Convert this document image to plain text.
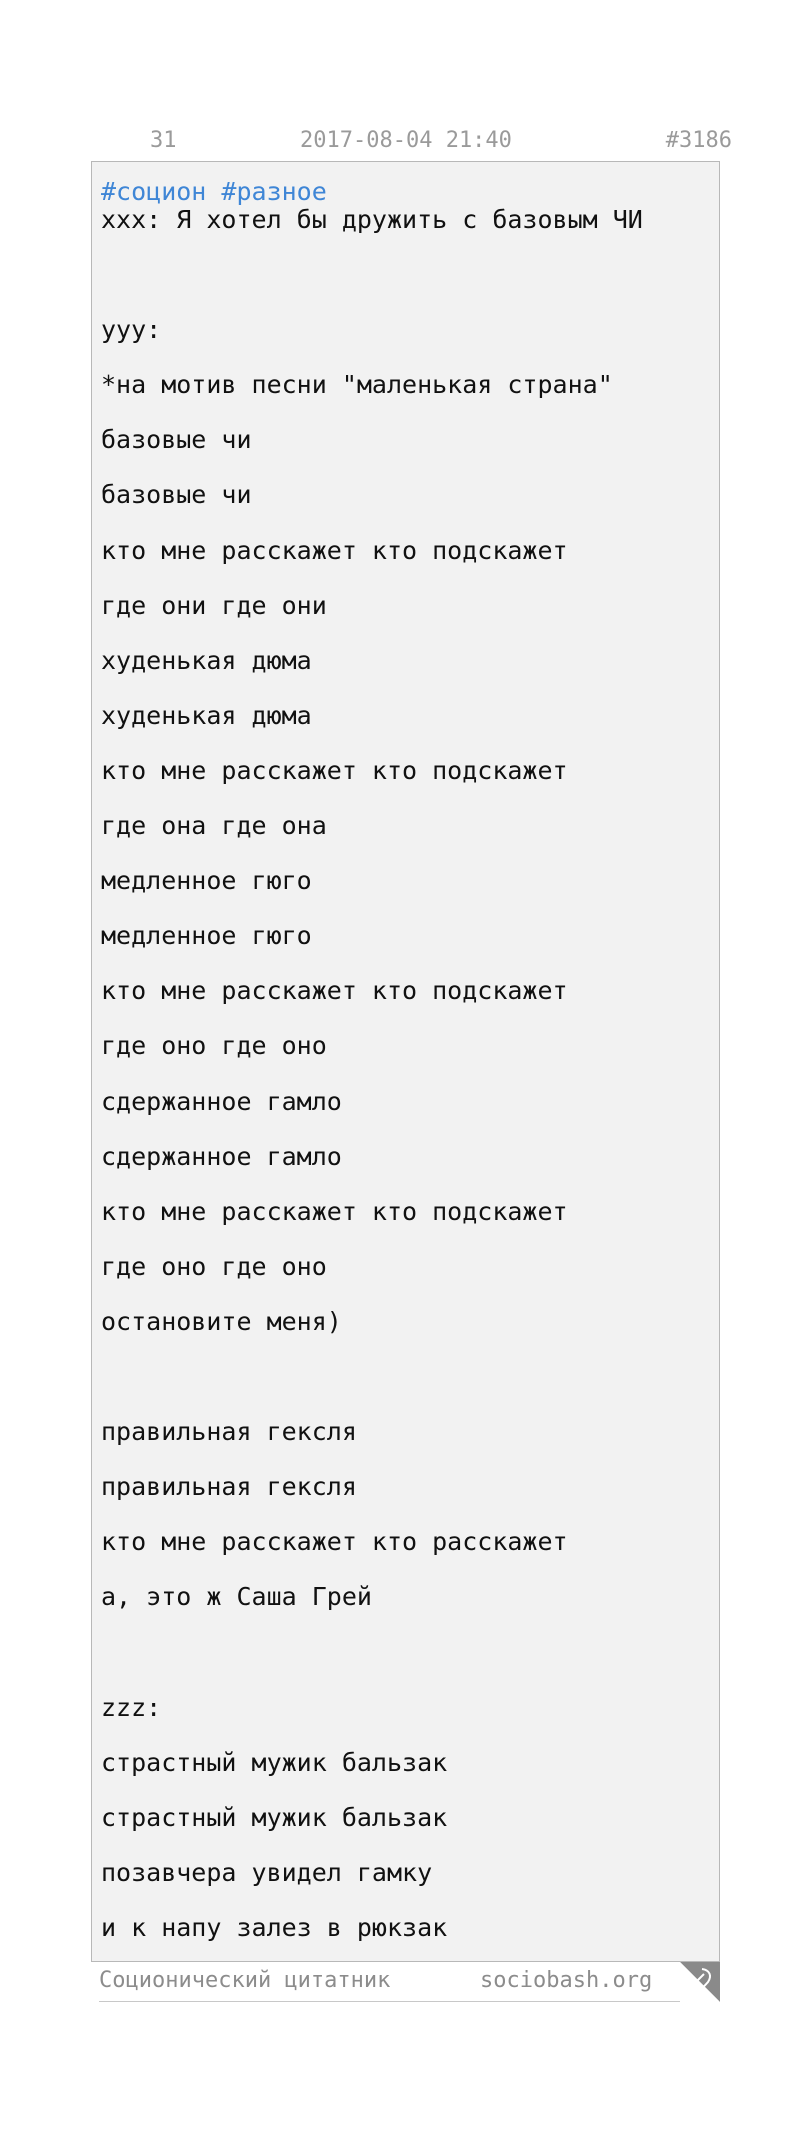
31	2017-08-04 21:40	#3186
#социон #разное
xxx: Я хотел бы дружить с базовым ЧИ
yyy:
*на мотив песни "маленькая страна"
базовые чи
базовые чи
кто мне расскажет кто подскажет
где они где они
худенькая дюма
худенькая дюма
кто мне расскажет кто подскажет
где она где она
медленное гюго
медленное гюго
кто мне расскажет кто подскажет
где оно где оно
сдержанное гамло
сдержанное гамло
кто мне расскажет кто подскажет
где оно где оно
остановите меня)
правильная гексля
правильная гексля
кто мне расскажет кто расскажет
а, это ж Саша Грей
zzz:
страстный мужик бальзак
страстный мужик бальзак
позавчера увидел гамку
и к напу залез в рюкзак
Соционический цитатник	sociobash.org
